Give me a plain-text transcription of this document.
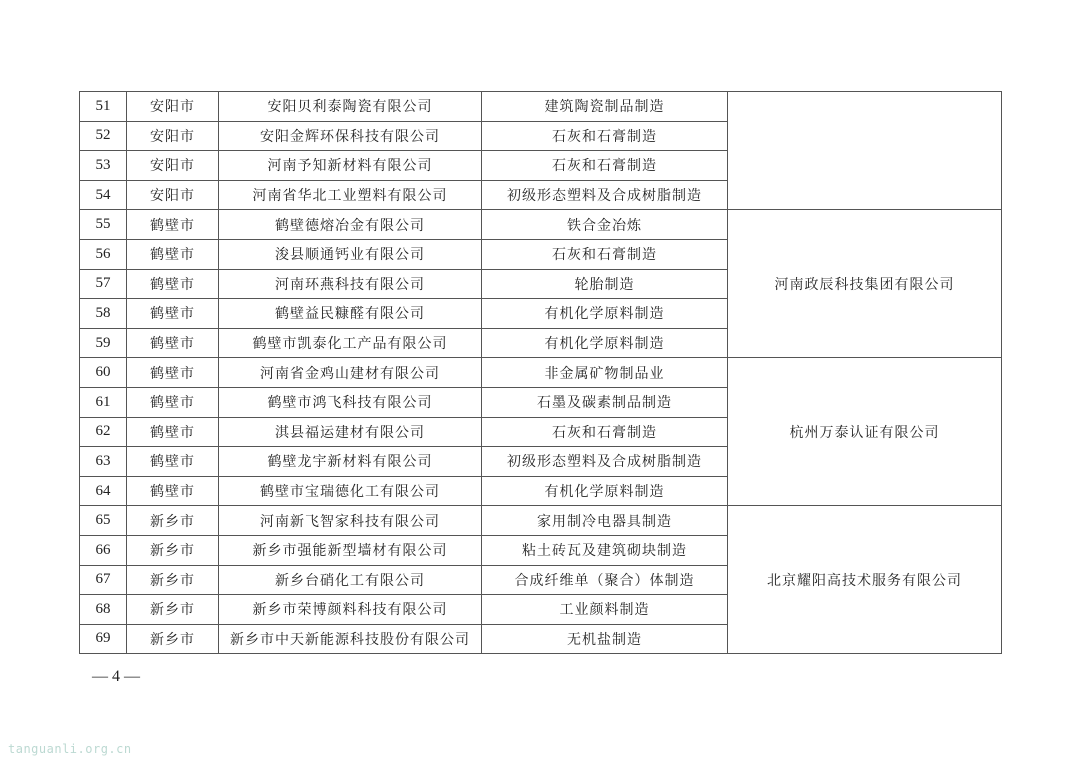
51	安阳市	安阳贝利泰陶瓷有限公司	建筑陶瓷制品制造	
52	安阳市	安阳金辉环保科技有限公司	石灰和石膏制造	
53	安阳市	河南予知新材料有限公司	石灰和石膏制造	
54	安阳市	河南省华北工业塑料有限公司	初级形态塑料及合成树脂制造	
55	鹤壁市	鹤壁德熔冶金有限公司	铁合金冶炼	河南政辰科技集团有限公司
56	鹤壁市	浚县顺通钙业有限公司	石灰和石膏制造	
57	鹤壁市	河南环燕科技有限公司	轮胎制造	
58	鹤壁市	鹤壁益民糠醛有限公司	有机化学原料制造	
59	鹤壁市	鹤壁市凯泰化工产品有限公司	有机化学原料制造	
60	鹤壁市	河南省金鸡山建材有限公司	非金属矿物制品业	杭州万泰认证有限公司
61	鹤壁市	鹤壁市鸿飞科技有限公司	石墨及碳素制品制造	
62	鹤壁市	淇县福运建材有限公司	石灰和石膏制造	
63	鹤壁市	鹤壁龙宇新材料有限公司	初级形态塑料及合成树脂制造	
64	鹤壁市	鹤壁市宝瑞德化工有限公司	有机化学原料制造	
65	新乡市	河南新飞智家科技有限公司	家用制冷电器具制造	北京耀阳高技术服务有限公司
66	新乡市	新乡市强能新型墙材有限公司	粘土砖瓦及建筑砌块制造	
67	新乡市	新乡台硝化工有限公司	合成纤维单（聚合）体制造	
68	新乡市	新乡市荣博颜料科技有限公司	工业颜料制造	
69	新乡市	新乡市中天新能源科技股份有限公司	无机盐制造	
— 4 —
tanguanli.org.cn
